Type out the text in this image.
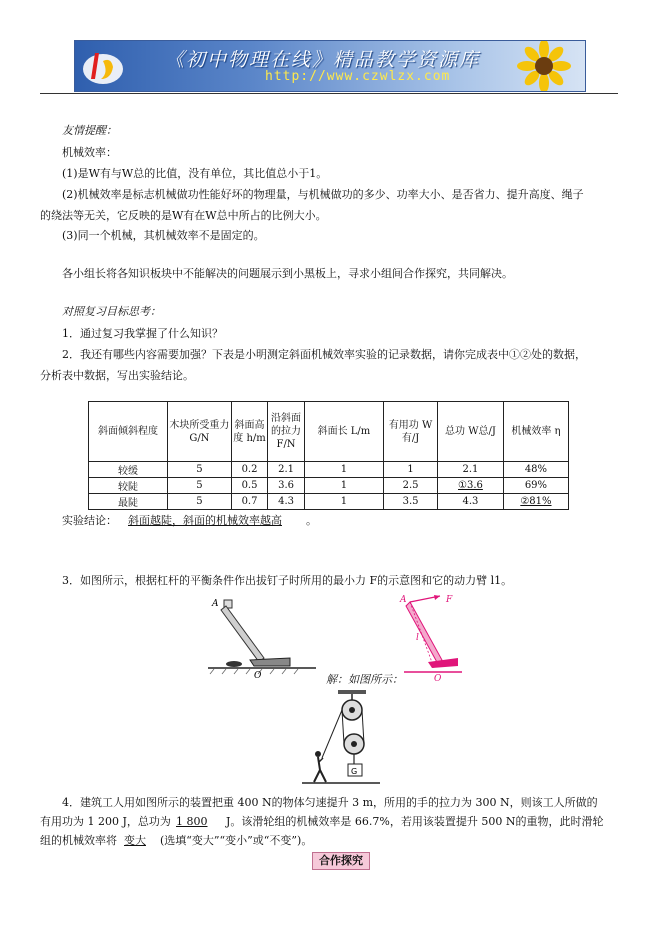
《初中物理在线》精品教学资源库
http://www.czwlzx.com
友情提醒：
机械效率：
(1)是W有与W总的比值，没有单位，其比值总小于1。
(2)机械效率是标志机械做功性能好坏的物理量，与机械做功的多少、功率大小、是否省力、提升高度、绳子
的绕法等无关，它反映的是W有在W总中所占的比例大小。
(3)同一个机械，其机械效率不是固定的。
各小组长将各知识板块中不能解决的问题展示到小黑板上，寻求小组间合作探究，共同解决。
对照复习目标思考：
1．通过复习我掌握了什么知识？
2．我还有哪些内容需要加强？下表是小明测定斜面机械效率实验的记录数据，请你完成表中①②处的数据，
分析表中数据，写出实验结论。
斜面倾斜程度	木块所受重力 G/N	斜面高度 h/m	沿斜面的拉力 F/N	斜面长 L/m	有用功 W有/J	总功 W总/J	机械效率 η
较缓	5	0.2	2.1	1	1	2.1	48%
较陡	5	0.5	3.6	1	2.5	①3.6	69%
最陡	5	0.7	4.3	1	3.5	4.3	②81%
实验结论： 斜面越陡，斜面的机械效率越高 。
3．如图所示，根据杠杆的平衡条件作出拔钉子时所用的最小力 F的示意图和它的动力臂 l1。
A
O
A	F
l
O
解：如图所示：
G
4．建筑工人用如图所示的装置把重 400 N的物体匀速提升 3 m，所用的手的拉力为 300 N，则该工人所做的
有用功为 1 200 J，总功为 1 800 J。该滑轮组的机械效率是 66.7%，若用该装置提升 500 N的重物，此时滑轮
组的机械效率将 变大 (选填“变大”“变小”或“不变”)。
合作探究
